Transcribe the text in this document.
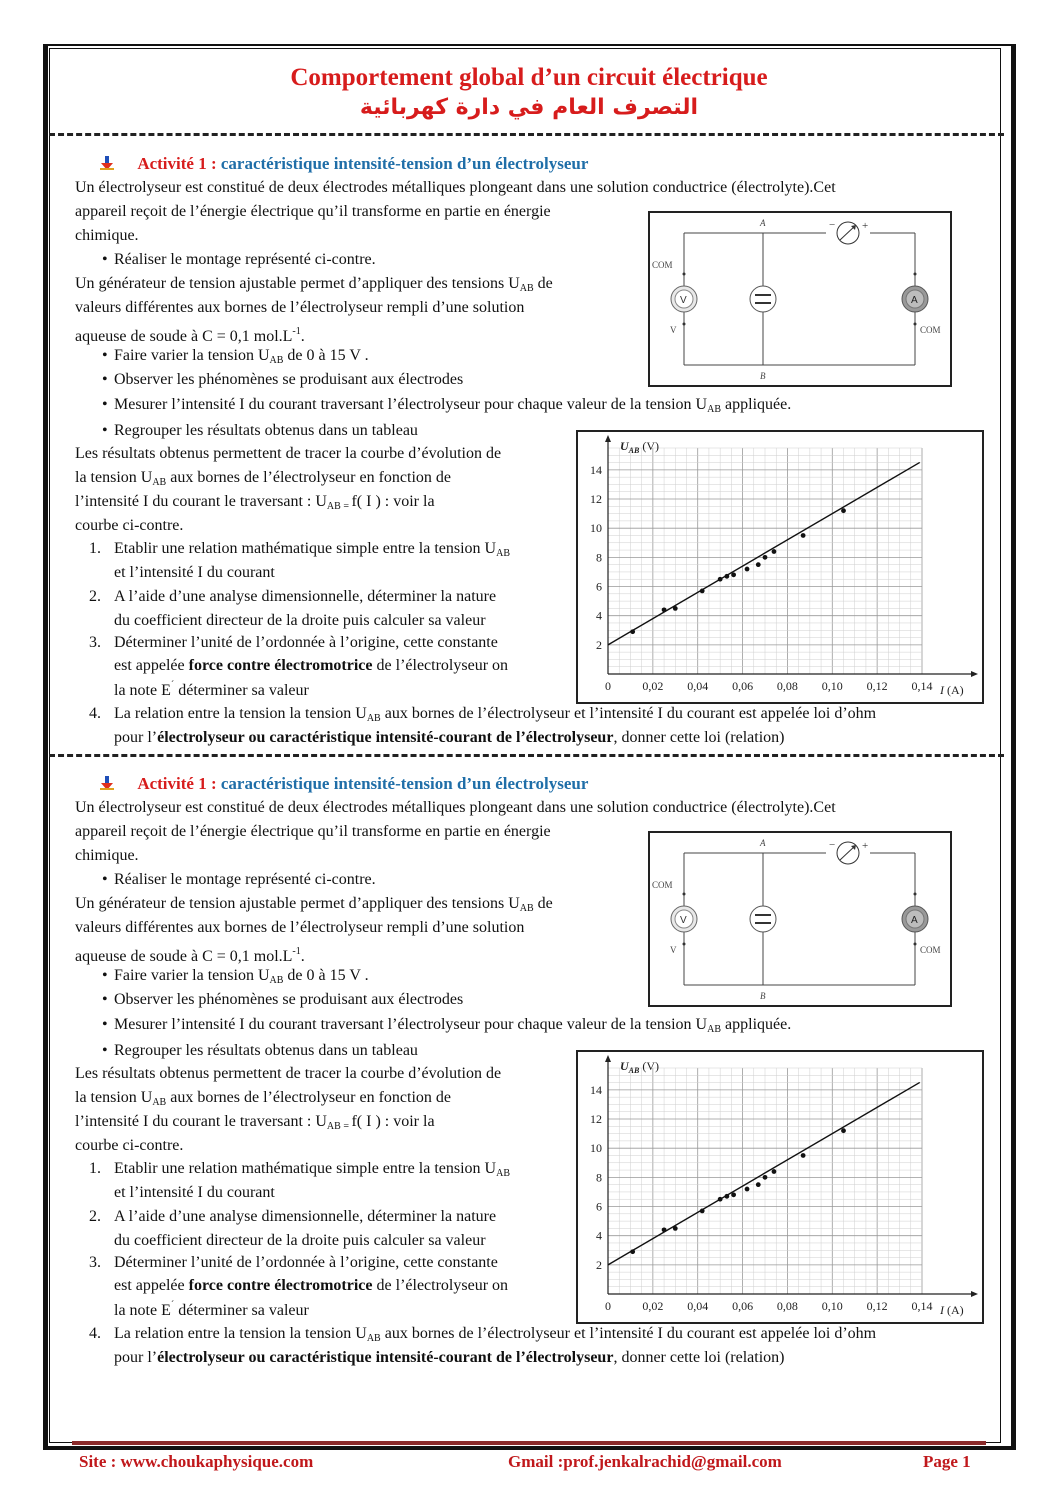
Comportement global d’un circuit électrique
التصرف العام في دارة كهربائية
Activité 1 : caractéristique intensité-tension d’un électrolyseur
Un électrolyseur est constitué de deux électrodes métalliques plongeant dans une solution conductrice (électrolyte).Cet
appareil reçoit de l’énergie électrique qu’il transforme en partie en énergie
chimique.
• Réaliser le montage représenté ci-contre.
Un générateur de tension ajustable permet d’appliquer des tensions $U_{AB}$ de
valeurs différentes aux bornes de l’électrolyseur rempli d’une solution
aqueuse de soude à C = 0,1 $mol.L^{-1}$.
• Faire varier la tension $U_{AB}$ de 0 à 15 V .
• Observer les phénomènes se produisant aux électrodes
• Mesurer l’intensité I du courant traversant l’électrolyseur pour chaque valeur de la tension $U_{AB}$ appliquée.
• Regrouper les résultats obtenus dans un tableau
Les résultats obtenus permettent de tracer la courbe d’évolution de
la tension $U_{AB}$ aux bornes de l’électrolyseur en fonction de
l’intensité I du courant le traversant : $U_{AB}$ $_=$ f( I ) : voir la
courbe ci-contre.
1. Etablir une relation mathématique simple entre la tension $U_{AB}$
et l’intensité I du courant
2. A l’aide d’une analyse dimensionnelle, déterminer la nature
du coefficient directeur de la droite puis calculer sa valeur
3. Déterminer l’unité de l’ordonnée à l’origine, cette constante
est appelée force contre électromotrice de l’électrolyseur on
la note E´ déterminer sa valeur
4. La relation entre la tension la tension $U_{AB}$ aux bornes de l’électrolyseur et l’intensité I du courant est appelée loi d’ohm
pour l’électrolyseur ou caractéristique intensité-courant de l’électrolyseur, donner cette loi (relation)
− +
A
B
COM
V	COM
V	A
0	0,02 0,04 0,06 0,08 0,10 0,12 0,14
2
4
6
8
10
12
14
$U_{AB}$ (V)
I (A)
Activité 1 : caractéristique intensité-tension d’un électrolyseur
Un électrolyseur est constitué de deux électrodes métalliques plongeant dans une solution conductrice (électrolyte).Cet
appareil reçoit de l’énergie électrique qu’il transforme en partie en énergie
chimique.
• Réaliser le montage représenté ci-contre.
Un générateur de tension ajustable permet d’appliquer des tensions $U_{AB}$ de
valeurs différentes aux bornes de l’électrolyseur rempli d’une solution
aqueuse de soude à C = 0,1 $mol.L^{-1}$.
• Faire varier la tension $U_{AB}$ de 0 à 15 V .
• Observer les phénomènes se produisant aux électrodes
• Mesurer l’intensité I du courant traversant l’électrolyseur pour chaque valeur de la tension $U_{AB}$ appliquée.
• Regrouper les résultats obtenus dans un tableau
Les résultats obtenus permettent de tracer la courbe d’évolution de
la tension $U_{AB}$ aux bornes de l’électrolyseur en fonction de
l’intensité I du courant le traversant : $U_{AB}$ $_=$ f( I ) : voir la
courbe ci-contre.
1. Etablir une relation mathématique simple entre la tension $U_{AB}$
et l’intensité I du courant
2. A l’aide d’une analyse dimensionnelle, déterminer la nature
du coefficient directeur de la droite puis calculer sa valeur
3. Déterminer l’unité de l’ordonnée à l’origine, cette constante
est appelée force contre électromotrice de l’électrolyseur on
la note E´ déterminer sa valeur
4. La relation entre la tension la tension $U_{AB}$ aux bornes de l’électrolyseur et l’intensité I du courant est appelée loi d’ohm
pour l’électrolyseur ou caractéristique intensité-courant de l’électrolyseur, donner cette loi (relation)
− +
A
B
COM
V	COM
V	A
0	0,02 0,04 0,06 0,08 0,10 0,12 0,14
2
4
6
8
10
12
14
$U_{AB}$ (V)
I (A)
Site : www.choukaphysique.com	Gmail :prof.jenkalrachid@gmail.com	Page 1
